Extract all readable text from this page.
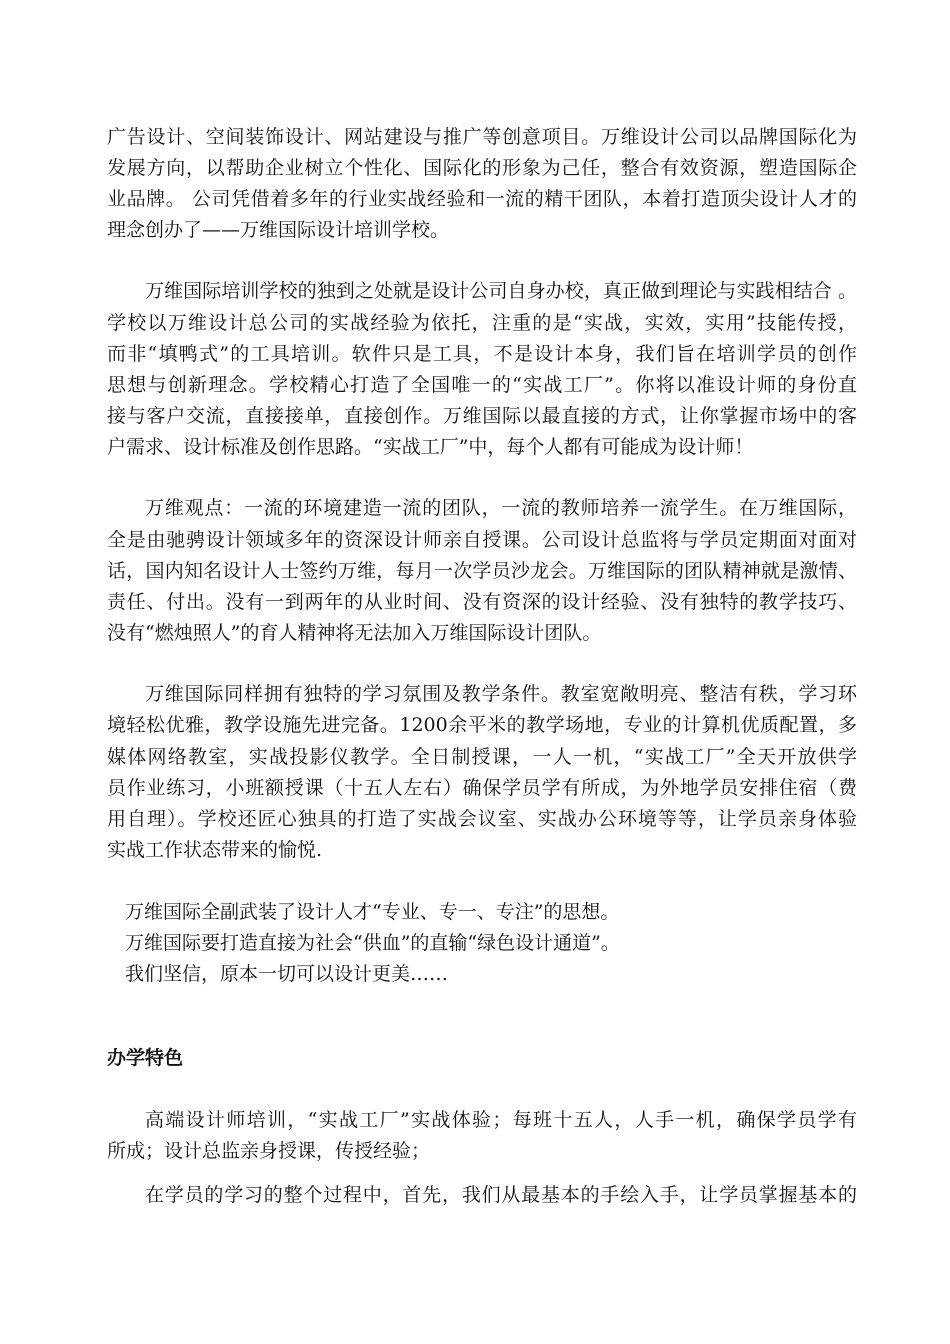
广告设计、空间装饰设计、网站建设与推广等创意项目。万维设计公司以品牌国际化为
发展方向，以帮助企业树立个性化、国际化的形象为己任，整合有效资源，塑造国际企
业品牌。 公司凭借着多年的行业实战经验和一流的精干团队，本着打造顶尖设计人才的
理念创办了——万维国际设计培训学校。
万维国际培训学校的独到之处就是设计公司自身办校，真正做到理论与实践相结合 。
学校以万维设计总公司的实战经验为依托，注重的是“实战，实效，实用”技能传授，
而非“填鸭式”的工具培训。软件只是工具，不是设计本身，我们旨在培训学员的创作
思想与创新理念。学校精心打造了全国唯一的“实战工厂”。你将以准设计师的身份直
接与客户交流，直接接单，直接创作。万维国际以最直接的方式，让你掌握市场中的客
户需求、设计标准及创作思路。“实战工厂”中，每个人都有可能成为设计师！
万维观点：一流的环境建造一流的团队，一流的教师培养一流学生。在万维国际，
全是由驰骋设计领域多年的资深设计师亲自授课。公司设计总监将与学员定期面对面对
话，国内知名设计人士签约万维，每月一次学员沙龙会。万维国际的团队精神就是激情、
责任、付出。没有一到两年的从业时间、没有资深的设计经验、没有独特的教学技巧、
没有“燃烛照人”的育人精神将无法加入万维国际设计团队。
万维国际同样拥有独特的学习氛围及教学条件。教室宽敞明亮、整洁有秩，学习环
境轻松优雅，教学设施先进完备。1200余平米的教学场地，专业的计算机优质配置，多
媒体网络教室，实战投影仪教学。全日制授课，一人一机，“实战工厂”全天开放供学
员作业练习，小班额授课（十五人左右）确保学员学有所成，为外地学员安排住宿（费
用自理）。学校还匠心独具的打造了实战会议室、实战办公环境等等，让学员亲身体验
实战工作状态带来的愉悦.
万维国际全副武装了设计人才“专业、专一、专注”的思想。
万维国际要打造直接为社会“供血”的直输“绿色设计通道”。
我们坚信，原本一切可以设计更美……
办学特色
高端设计师培训，“实战工厂”实战体验；每班十五人，人手一机，确保学员学有
所成；设计总监亲身授课，传授经验；
在学员的学习的整个过程中，首先，我们从最基本的手绘入手，让学员掌握基本的
